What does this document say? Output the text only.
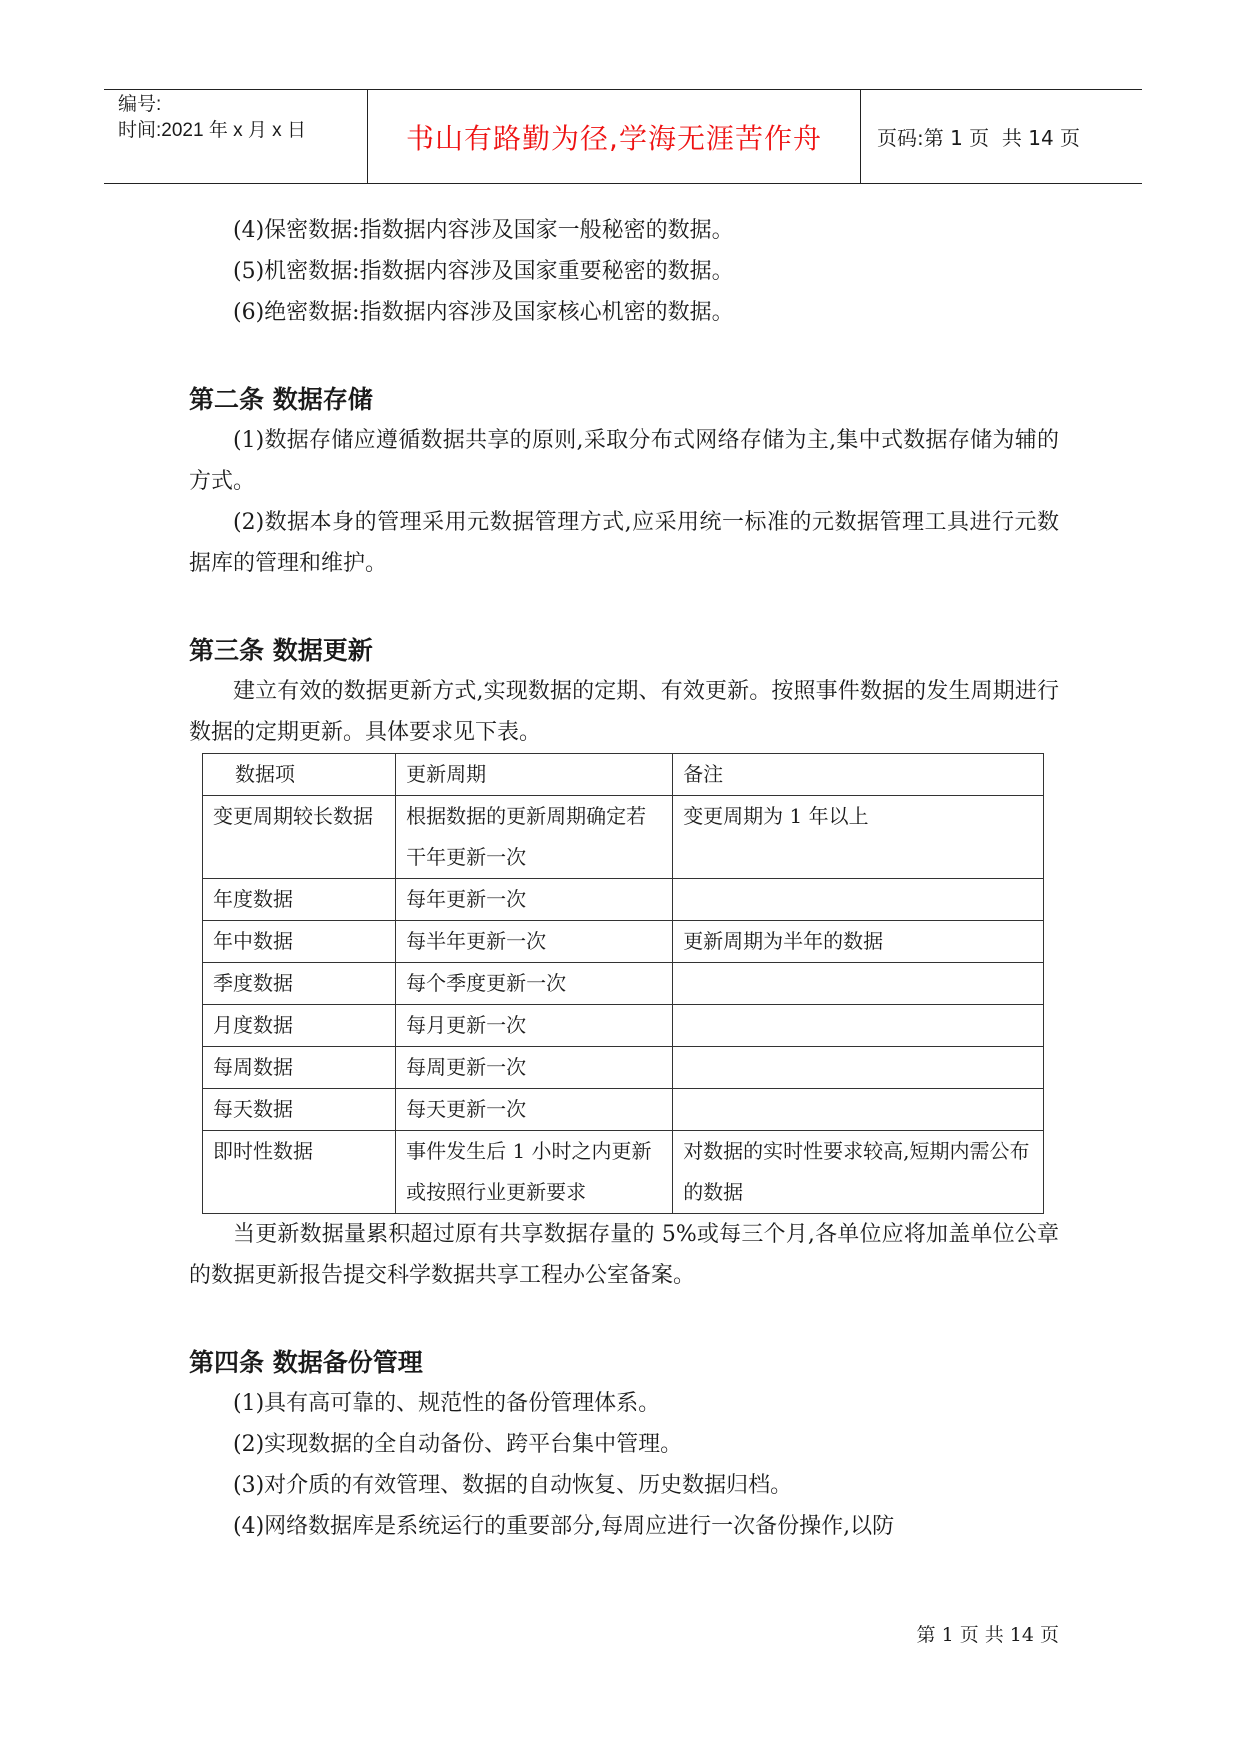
编号:
时间:2021 年 x 月 x 日	书山有路勤为径,学海无涯苦作舟	页码:第 1 页  共 14 页

(4)保密数据:指数据内容涉及国家一般秘密的数据。

(5)机密数据:指数据内容涉及国家重要秘密的数据。

(6)绝密数据:指数据内容涉及国家核心机密的数据。

第二条 数据存储

(1)数据存储应遵循数据共享的原则,采取分布式网络存储为主,集中式数据存储为辅的方式。

(2)数据本身的管理采用元数据管理方式,应采用统一标准的元数据管理工具进行元数据库的管理和维护。

第三条 数据更新

建立有效的数据更新方式,实现数据的定期、有效更新。按照事件数据的发生周期进行数据的定期更新。具体要求见下表。

数据项	更新周期	备注
变更周期较长数据	根据数据的更新周期确定若干年更新一次	变更周期为 1 年以上
年度数据	每年更新一次	
年中数据	每半年更新一次	更新周期为半年的数据
季度数据	每个季度更新一次	
月度数据	每月更新一次	
每周数据	每周更新一次	
每天数据	每天更新一次	
即时性数据	事件发生后 1 小时之内更新或按照行业更新要求	对数据的实时性要求较高,短期内需公布的数据

当更新数据量累积超过原有共享数据存量的 5%或每三个月,各单位应将加盖单位公章的数据更新报告提交科学数据共享工程办公室备案。

第四条 数据备份管理

(1)具有高可靠的、规范性的备份管理体系。

(2)实现数据的全自动备份、跨平台集中管理。

(3)对介质的有效管理、数据的自动恢复、历史数据归档。

(4)网络数据库是系统运行的重要部分,每周应进行一次备份操作,以防

第 1 页 共 14 页
